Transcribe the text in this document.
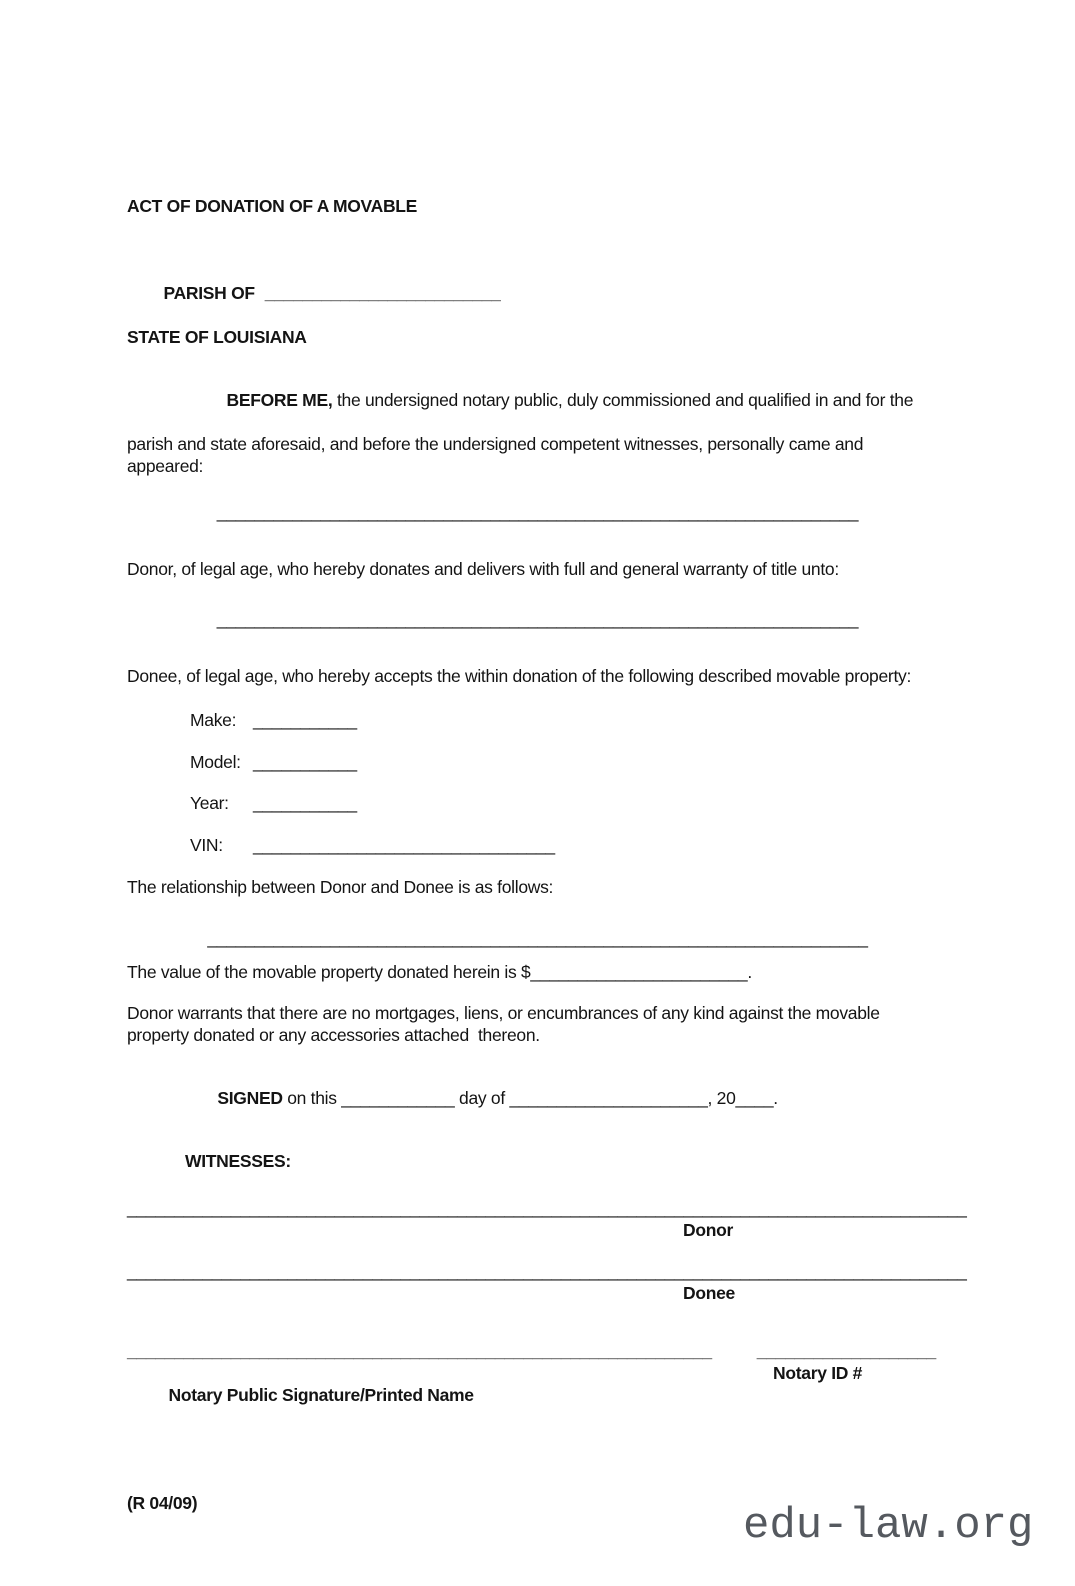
ACT OF DONATION OF A MOVABLE

PARISH OF _________________________

STATE OF LOUISIANA

BEFORE ME, the undersigned notary public, duly commissioned and qualified in and for the

parish and state aforesaid, and before the undersigned competent witnesses, personally came and
appeared:
____________________________________________________________________
Donor, of legal age, who hereby donates and delivers with full and general warranty of title unto:
____________________________________________________________________
Donee, of legal age, who hereby accepts the within donation of the following described movable property:
Make: ___________
Model: ___________
Year:	___________
VIN:	________________________________
The relationship between Donor and Donee is as follows:
______________________________________________________________________
The value of the movable property donated herein is $_______________________.
Donor warrants that there are no mortgages, liens, or encumbrances of any kind against the movable
property donated or any accessories attached  thereon.

SIGNED on this ____________ day of _____________________, 20____.

WITNESSES:
____________________________________________ _____________________________________________
Donor
____________________________________________ _____________________________________________
Donee
______________________________________________________________	___________________

Notary Public Signature/Printed Name

Notary ID #

(R 04/09)	edu-law.org
